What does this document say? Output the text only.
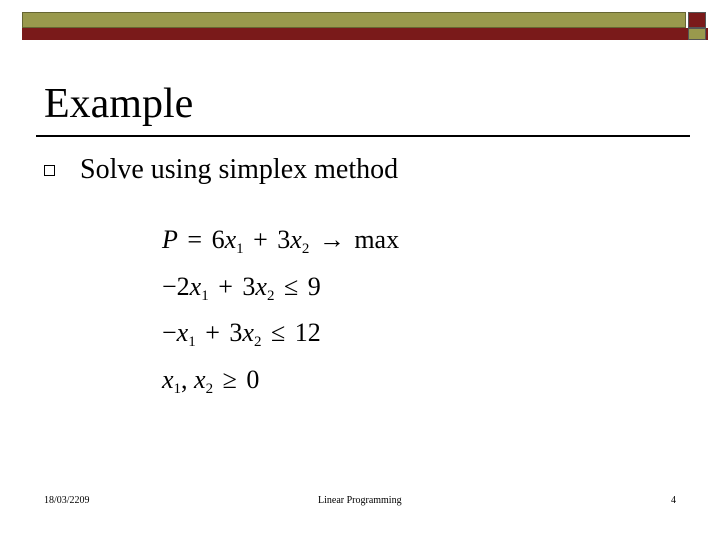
Example
Solve using simplex method
$P = 6x_1 + 3x_2 \to \max$
$-2x_1 + 3x_2 \le 9$
$-x_1 + 3x_2 \le 12$
$x_1$, $x_2 \ge 0$
18/03/2209	Linear Programming	4
